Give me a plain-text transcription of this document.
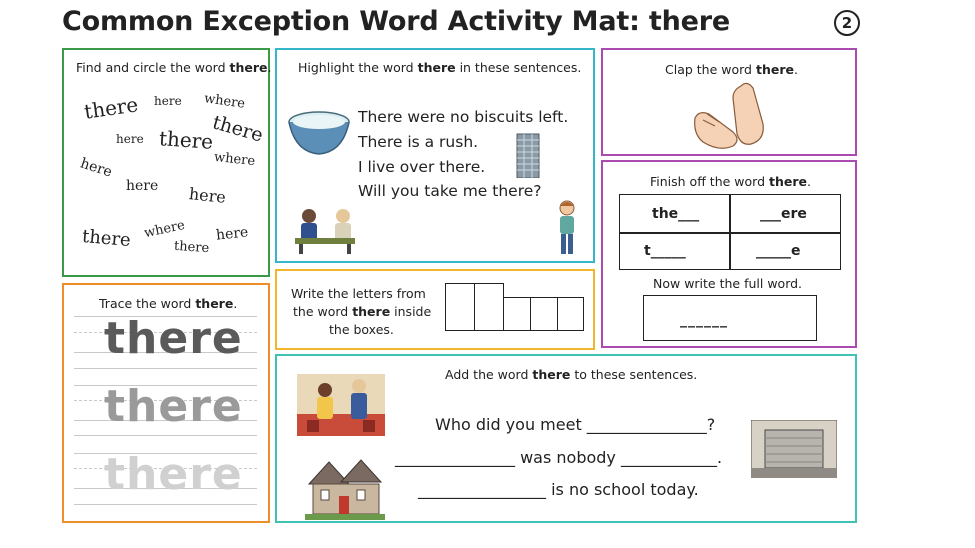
Common Exception Word Activity Mat: there	2
Find and circle the word there.
there here where
here there
there
where
here
here here
there where
there
here
Highlight the word there in these sentences.
There were no biscuits left.
There is a rush.
I live over there.
Will you take me there?
Clap the word there.
Finish off the word there.
the___	___ere
t_____	_____e
Now write the full word.
______
Trace the word there.
there
there
there
Write the letters from
the word there inside
the boxes.
Add the word there to these sentences.
Who did you meet _______________?
_______________ was nobody ____________.
________________ is no school today.
